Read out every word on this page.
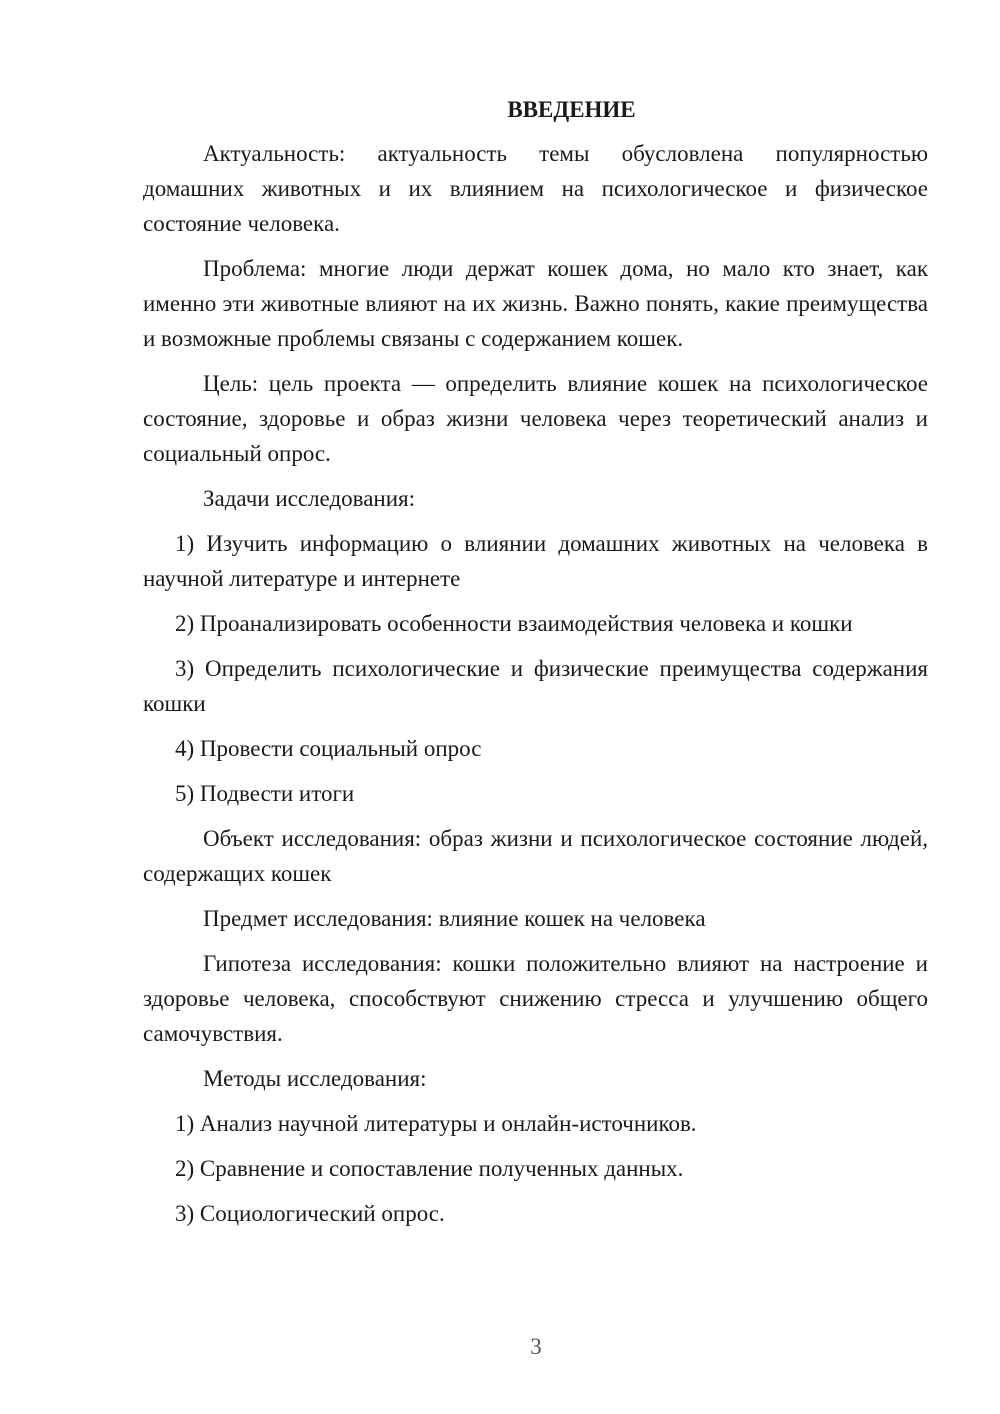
ВВЕДЕНИЕ

Актуальность: актуальность темы обусловлена популярностью домашних животных и их влиянием на психологическое и физическое состояние человека.

Проблема: многие люди держат кошек дома, но мало кто знает, как именно эти животные влияют на их жизнь. Важно понять, какие преимущества и возможные проблемы связаны с содержанием кошек.

Цель: цель проекта — определить влияние кошек на психологическое состояние, здоровье и образ жизни человека через теоретический анализ и социальный опрос.

Задачи исследования:

1) Изучить информацию о влиянии домашних животных на человека в научной литературе и интернете

2) Проанализировать особенности взаимодействия человека и кошки

3) Определить психологические и физические преимущества содержания кошки

4) Провести социальный опрос

5) Подвести итоги

Объект исследования: образ жизни и психологическое состояние людей, содержащих кошек

Предмет исследования: влияние кошек на человека

Гипотеза исследования: кошки положительно влияют на настроение и здоровье человека, способствуют снижению стресса и улучшению общего самочувствия.

Методы исследования:

1) Анализ научной литературы и онлайн-источников.

2) Сравнение и сопоставление полученных данных.

3) Социологический опрос.

3
